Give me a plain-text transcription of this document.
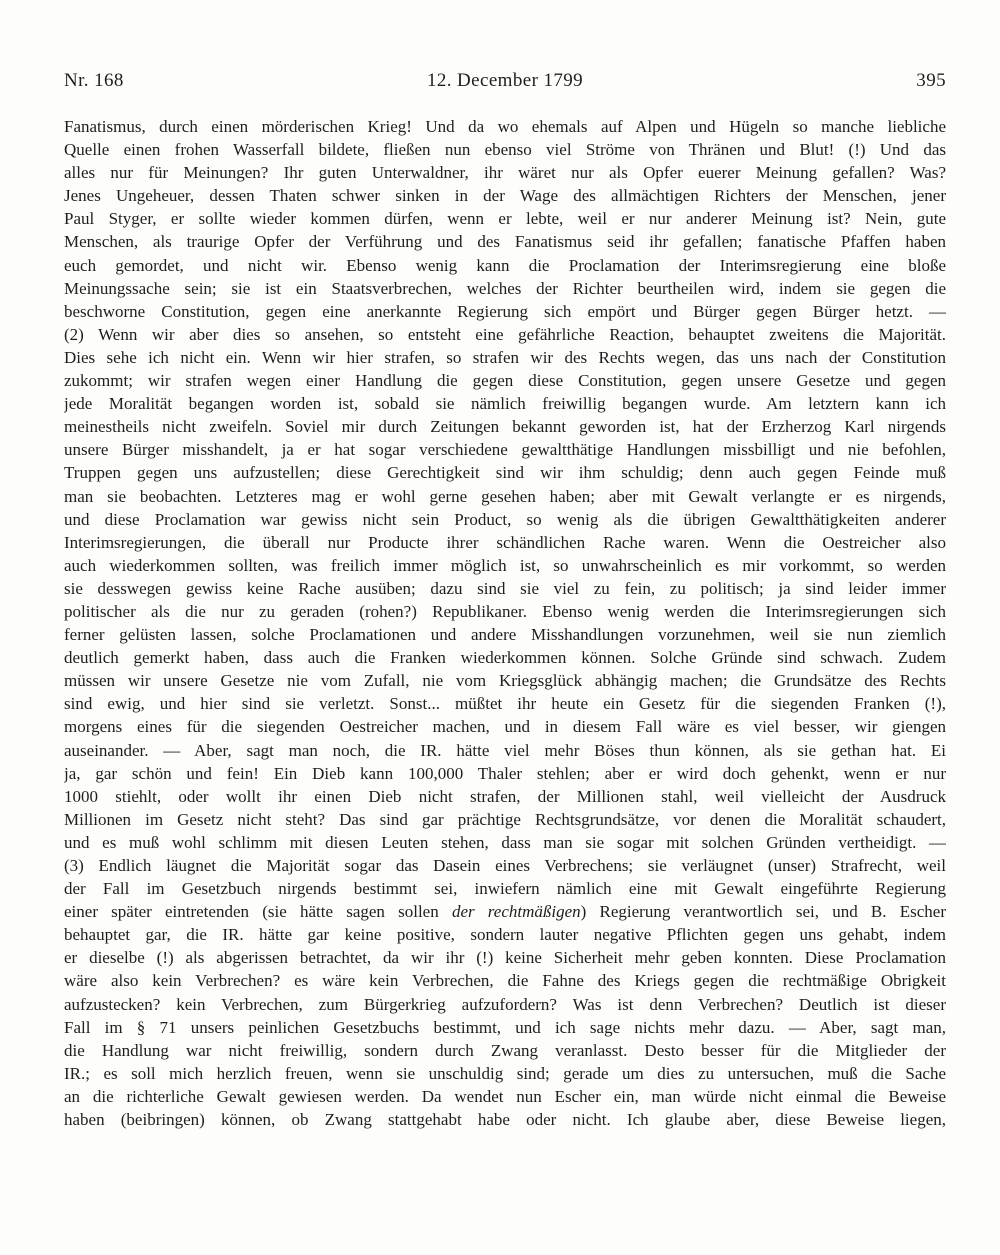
Nr. 168	12. December 1799	395
Fanatismus, durch einen mörderischen Krieg! Und da wo ehemals auf Alpen und Hügeln so manche liebliche
Quelle einen frohen Wasserfall bildete, fließen nun ebenso viel Ströme von Thränen und Blut! (!) Und das
alles nur für Meinungen? Ihr guten Unterwaldner, ihr wäret nur als Opfer euerer Meinung gefallen? Was?
Jenes Ungeheuer, dessen Thaten schwer sinken in der Wage des allmächtigen Richters der Menschen, jener
Paul Styger, er sollte wieder kommen dürfen, wenn er lebte, weil er nur anderer Meinung ist? Nein, gute
Menschen, als traurige Opfer der Verführung und des Fanatismus seid ihr gefallen; fanatische Pfaffen haben
euch gemordet, und nicht wir. Ebenso wenig kann die Proclamation der Interimsregierung eine bloße
Meinungssache sein; sie ist ein Staatsverbrechen, welches der Richter beurtheilen wird, indem sie gegen die
beschworne Constitution, gegen eine anerkannte Regierung sich empört und Bürger gegen Bürger hetzt. —
(2) Wenn wir aber dies so ansehen, so entsteht eine gefährliche Reaction, behauptet zweitens die Majorität.
Dies sehe ich nicht ein. Wenn wir hier strafen, so strafen wir des Rechts wegen, das uns nach der Constitution
zukommt; wir strafen wegen einer Handlung die gegen diese Constitution, gegen unsere Gesetze und gegen
jede Moralität begangen worden ist, sobald sie nämlich freiwillig begangen wurde. Am letztern kann ich
meinestheils nicht zweifeln. Soviel mir durch Zeitungen bekannt geworden ist, hat der Erzherzog Karl nirgends
unsere Bürger misshandelt, ja er hat sogar verschiedene gewaltthätige Handlungen missbilligt und nie befohlen,
Truppen gegen uns aufzustellen; diese Gerechtigkeit sind wir ihm schuldig; denn auch gegen Feinde muß
man sie beobachten. Letzteres mag er wohl gerne gesehen haben; aber mit Gewalt verlangte er es nirgends,
und diese Proclamation war gewiss nicht sein Product, so wenig als die übrigen Gewaltthätigkeiten anderer
Interimsregierungen, die überall nur Producte ihrer schändlichen Rache waren. Wenn die Oestreicher also
auch wiederkommen sollten, was freilich immer möglich ist, so unwahrscheinlich es mir vorkommt, so werden
sie desswegen gewiss keine Rache ausüben; dazu sind sie viel zu fein, zu politisch; ja sind leider immer
politischer als die nur zu geraden (rohen?) Republikaner. Ebenso wenig werden die Interimsregierungen sich
ferner gelüsten lassen, solche Proclamationen und andere Misshandlungen vorzunehmen, weil sie nun ziemlich
deutlich gemerkt haben, dass auch die Franken wiederkommen können. Solche Gründe sind schwach. Zudem
müssen wir unsere Gesetze nie vom Zufall, nie vom Kriegsglück abhängig machen; die Grundsätze des Rechts
sind ewig, und hier sind sie verletzt. Sonst... müßtet ihr heute ein Gesetz für die siegenden Franken (!),
morgens eines für die siegenden Oestreicher machen, und in diesem Fall wäre es viel besser, wir giengen
auseinander. — Aber, sagt man noch, die IR. hätte viel mehr Böses thun können, als sie gethan hat. Ei
ja, gar schön und fein! Ein Dieb kann 100,000 Thaler stehlen; aber er wird doch gehenkt, wenn er nur
1000 stiehlt, oder wollt ihr einen Dieb nicht strafen, der Millionen stahl, weil vielleicht der Ausdruck
Millionen im Gesetz nicht steht? Das sind gar prächtige Rechtsgrundsätze, vor denen die Moralität schaudert,
und es muß wohl schlimm mit diesen Leuten stehen, dass man sie sogar mit solchen Gründen vertheidigt. —
(3) Endlich läugnet die Majorität sogar das Dasein eines Verbrechens; sie verläugnet (unser) Strafrecht, weil
der Fall im Gesetzbuch nirgends bestimmt sei, inwiefern nämlich eine mit Gewalt eingeführte Regierung
einer später eintretenden (sie hätte sagen sollen der rechtmäßigen) Regierung verantwortlich sei, und B. Escher
behauptet gar, die IR. hätte gar keine positive, sondern lauter negative Pflichten gegen uns gehabt, indem
er dieselbe (!) als abgerissen betrachtet, da wir ihr (!) keine Sicherheit mehr geben konnten. Diese Proclamation
wäre also kein Verbrechen? es wäre kein Verbrechen, die Fahne des Kriegs gegen die rechtmäßige Obrigkeit
aufzustecken? kein Verbrechen, zum Bürgerkrieg aufzufordern? Was ist denn Verbrechen? Deutlich ist dieser
Fall im § 71 unsers peinlichen Gesetzbuchs bestimmt, und ich sage nichts mehr dazu. — Aber, sagt man,
die Handlung war nicht freiwillig, sondern durch Zwang veranlasst. Desto besser für die Mitglieder der
IR.; es soll mich herzlich freuen, wenn sie unschuldig sind; gerade um dies zu untersuchen, muß die Sache
an die richterliche Gewalt gewiesen werden. Da wendet nun Escher ein, man würde nicht einmal die Beweise
haben (beibringen) können, ob Zwang stattgehabt habe oder nicht. Ich glaube aber, diese Beweise liegen,
